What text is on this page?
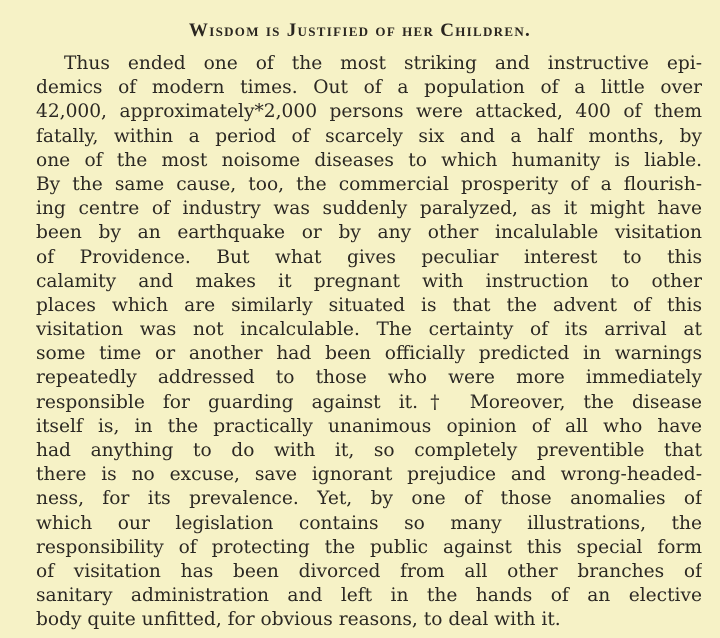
Wisdom is Justified of her Children.
Thus ended one of the most striking and instructive epi-
demics of modern times. Out of a population of a little over
42,000, approximately*2,000 persons were attacked, 400 of them
fatally, within a period of scarcely six and a half months, by
one of the most noisome diseases to which humanity is liable.
By the same cause, too, the commercial prosperity of a flourish-
ing centre of industry was suddenly paralyzed, as it might have
been by an earthquake or by any other incalulable visitation
of Providence. But what gives peculiar interest to this
calamity and makes it pregnant with instruction to other
places which are similarly situated is that the advent of this
visitation was not incalculable. The certainty of its arrival at
some time or another had been officially predicted in warnings
repeatedly addressed to those who were more immediately
responsible for guarding against it.† Moreover, the disease
itself is, in the practically unanimous opinion of all who have
had anything to do with it, so completely preventible that
there is no excuse, save ignorant prejudice and wrong-headed-
ness, for its prevalence. Yet, by one of those anomalies of
which our legislation contains so many illustrations, the
responsibility of protecting the public against this special form
of visitation has been divorced from all other branches of
sanitary administration and left in the hands of an elective
body quite unfitted, for obvious reasons, to deal with it.
